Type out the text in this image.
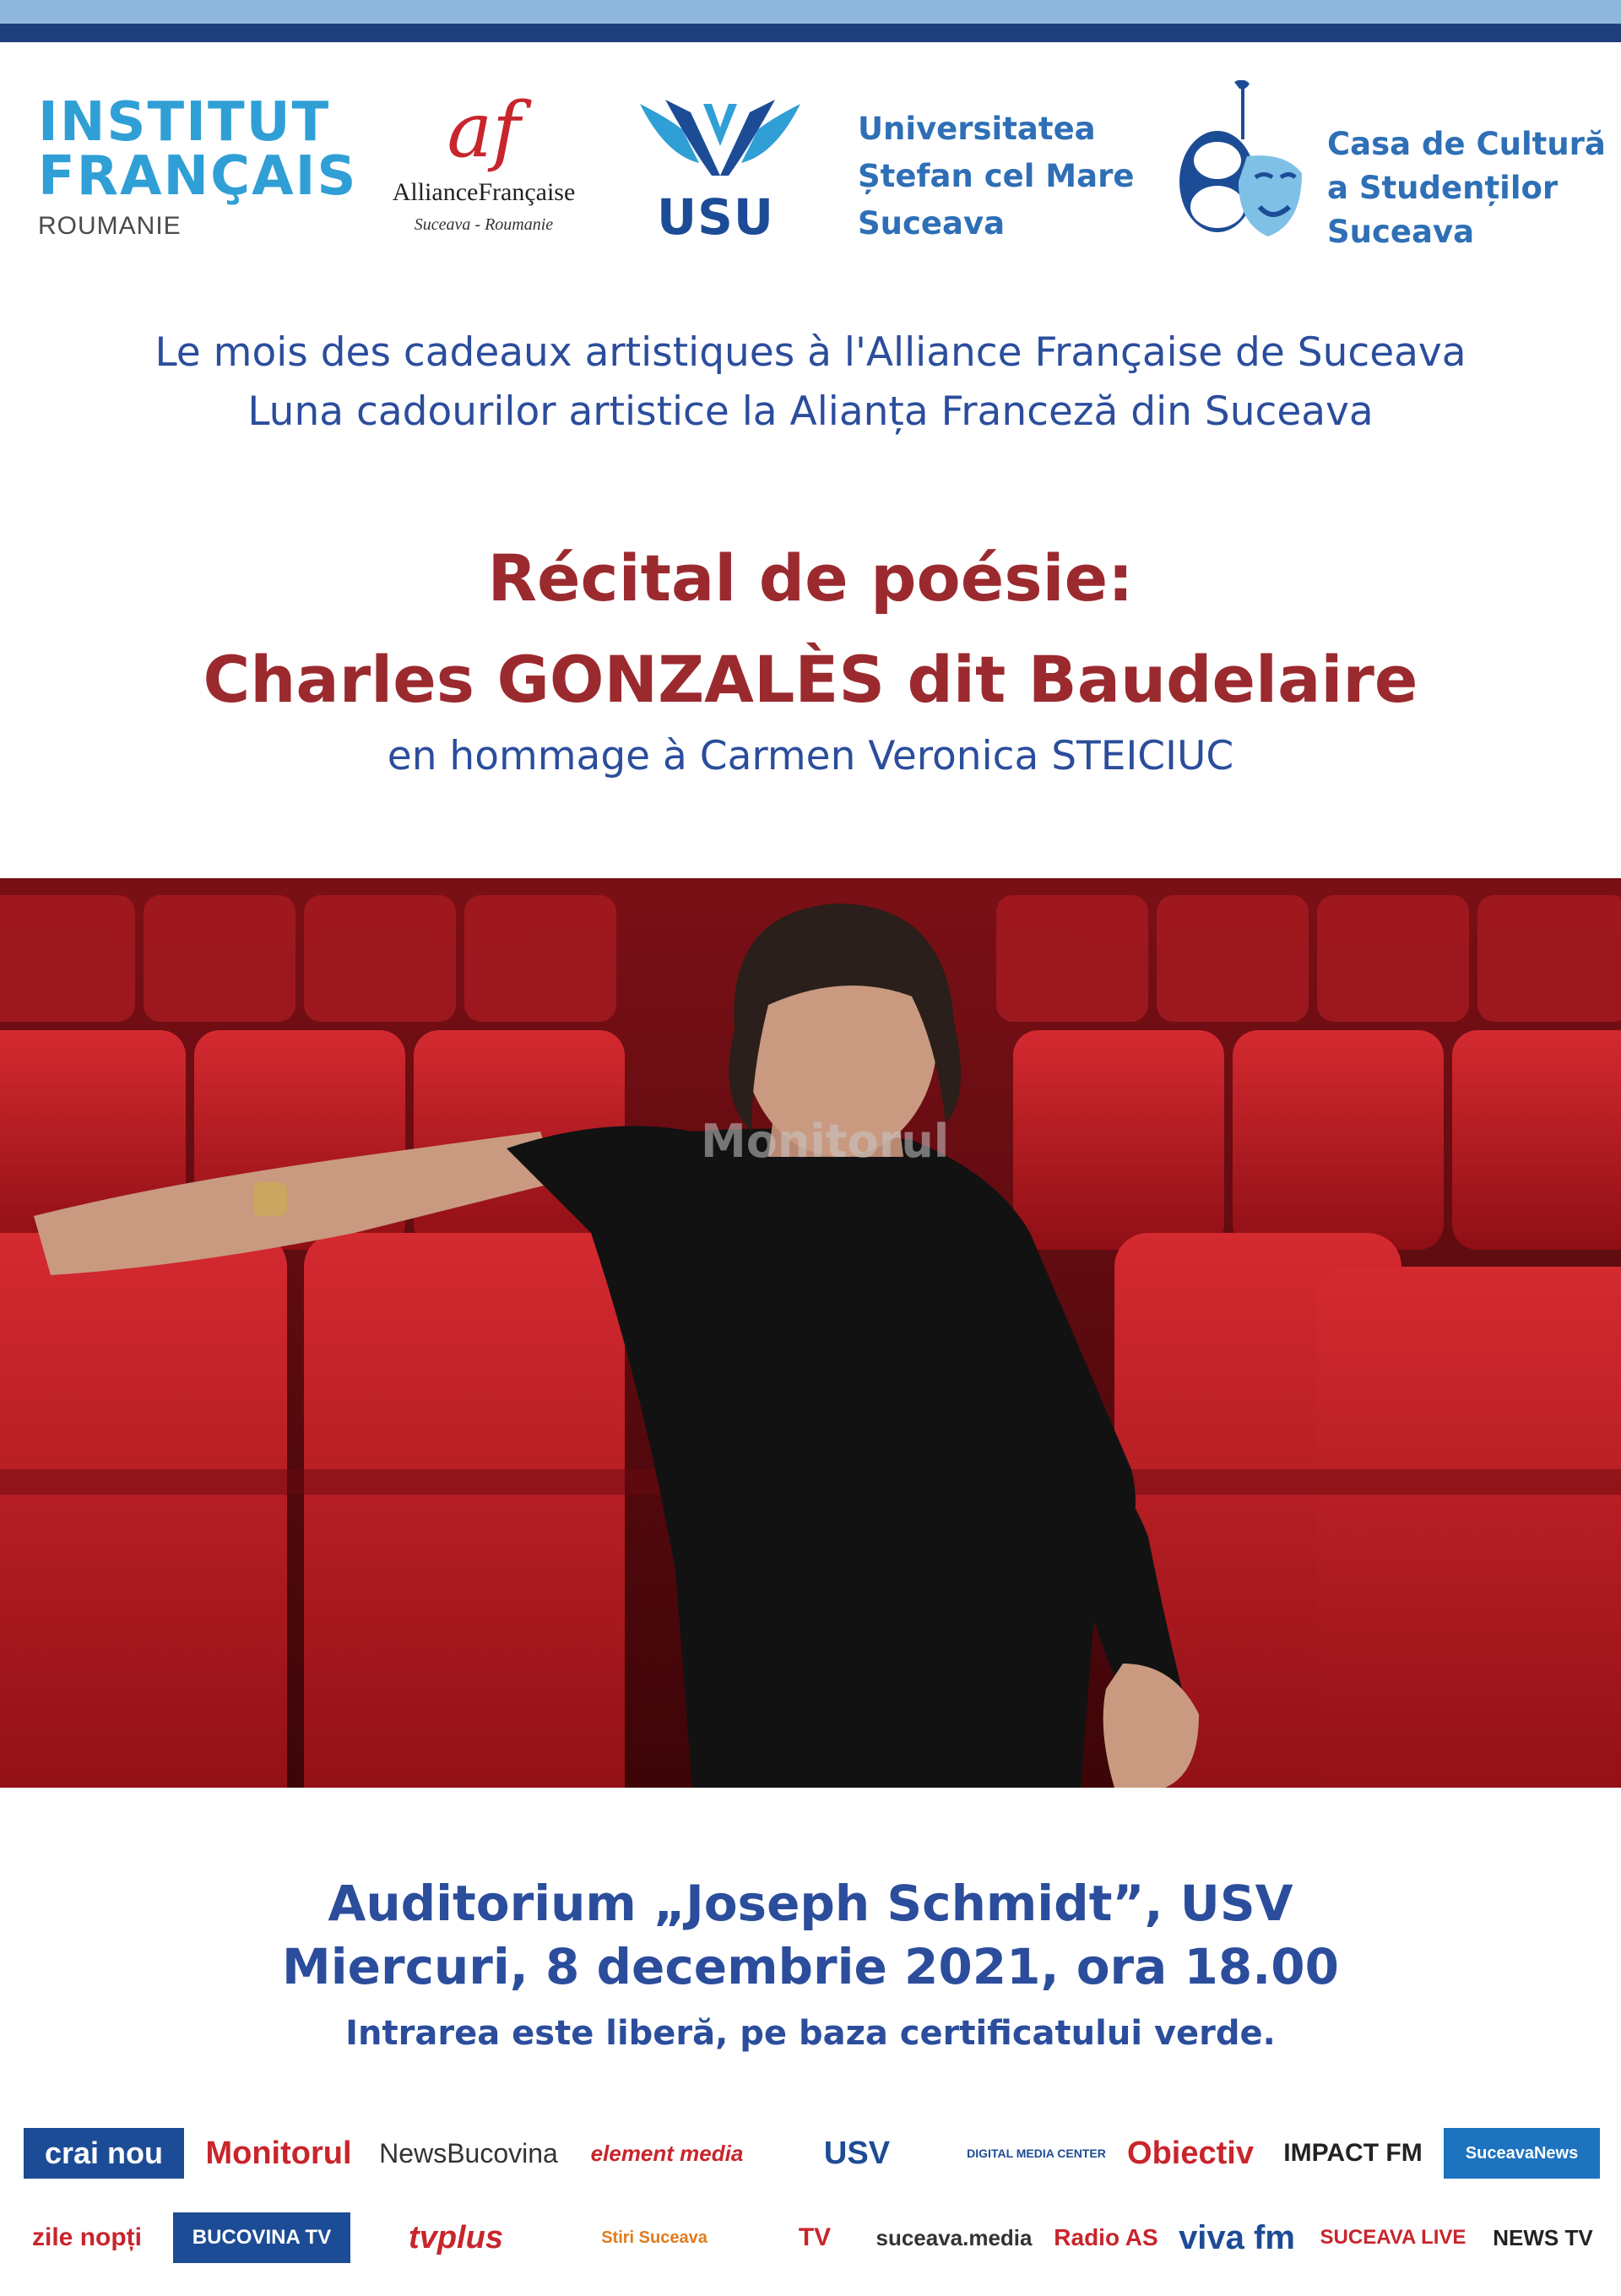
INSTITUT
FRANÇAIS
ROUMANIE
af
AllianceFrançaise
Suceava - Roumanie	USU
Universitatea
Ștefan cel Mare
Suceava
Casa de Cultură
a Studenților
Suceava
Le mois des cadeaux artistiques à l'Alliance Française de Suceava
Luna cadourilor artistice la Alianța Franceză din Suceava
Récital de poésie:
Charles GONZALÈS dit Baudelaire
en hommage à Carmen Veronica STEICIUC
Monitorul
Auditorium „Joseph Schmidt”, USV
Miercuri, 8 decembrie 2021, ora 18.00
Intrarea este liberă, pe baza certificatului verde.
crai nou	Monitorul NewsBucovina	element media	USV	DIGITAL MEDIA CENTER Obiectiv	IMPACT FM	SuceavaNews
zile nopți	BUCOVINA TV	tvplus	Stiri Suceava	TV	suceava.media Radio AS viva fm	SUCEAVA LIVE	NEWS TV
